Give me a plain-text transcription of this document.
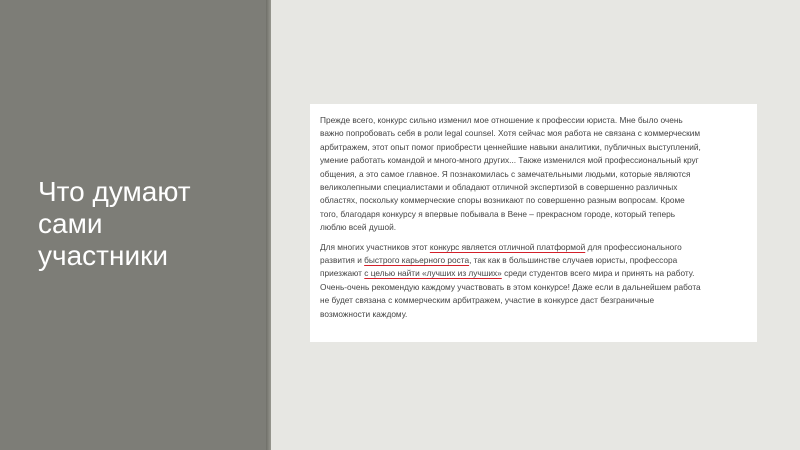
Что думают
сами
участники

Прежде всего, конкурс сильно изменил мое отношение к профессии юриста. Мне было очень
важно попробовать себя в роли legal counsel. Хотя сейчас моя работа не связана с коммерческим
арбитражем, этот опыт помог приобрести ценнейшие навыки аналитики, публичных выступлений,
умение работать командой и много-много других... Также изменился мой профессиональный круг
общения, а это самое главное. Я познакомилась с замечательными людьми, которые являются
великолепными специалистами и обладают отличной экспертизой в совершенно различных
областях, поскольку коммерческие споры возникают по совершенно разным вопросам. Кроме
того, благодаря конкурсу я впервые побывала в Вене – прекрасном городе, который теперь
люблю всей душой.

Для многих участников этот конкурс является отличной платформой для профессионального
развития и быстрого карьерного роста, так как в большинстве случаев юристы, профессора
приезжают с целью найти «лучших из лучших» среди студентов всего мира и принять на работу.
Очень-очень рекомендую каждому участвовать в этом конкурсе! Даже если в дальнейшем работа
не будет связана с коммерческим арбитражем, участие в конкурсе даст безграничные
возможности каждому.
